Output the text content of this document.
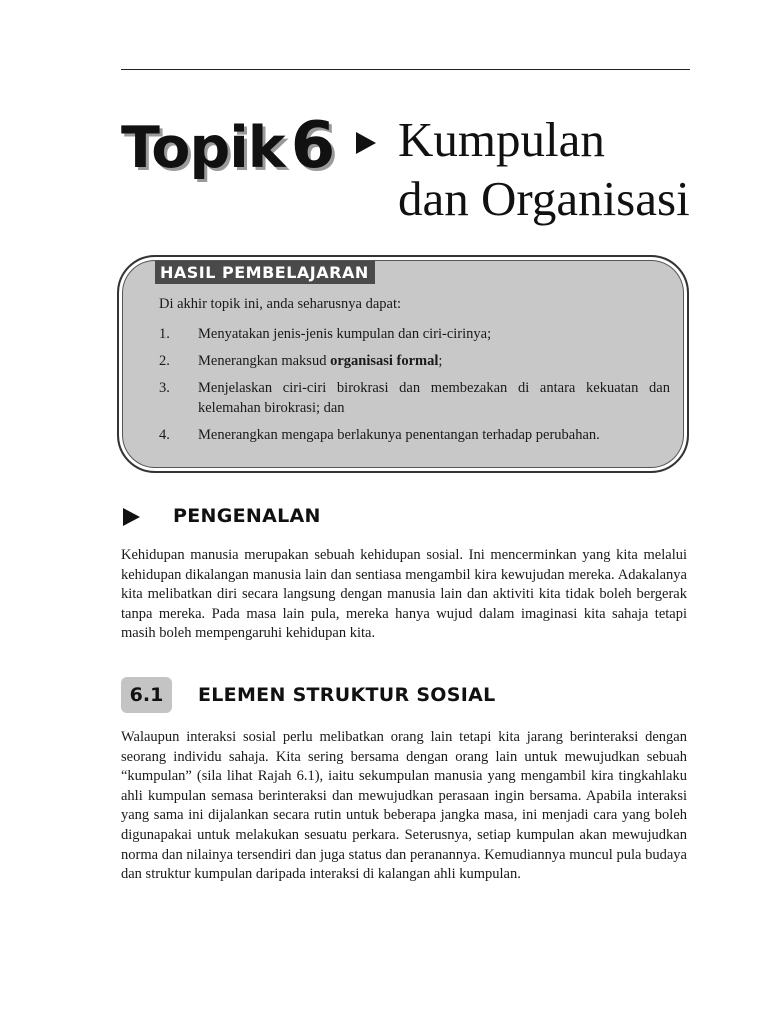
Topik6 Kumpulan
dan Organisasi
HASIL PEMBELAJARAN
Di akhir topik ini, anda seharusnya dapat:
1. Menyatakan jenis-jenis kumpulan dan ciri-cirinya;
2. Menerangkan maksud organisasi formal;
3. Menjelaskan ciri-ciri birokrasi dan membezakan di antara kekuatan dan kelemahan birokrasi; dan
4. Menerangkan mengapa berlakunya penentangan terhadap perubahan.
PENGENALAN
Kehidupan manusia merupakan sebuah kehidupan sosial. Ini mencerminkan yang kita melalui kehidupan dikalangan manusia lain dan sentiasa mengambil kira kewujudan mereka. Adakalanya kita melibatkan diri secara langsung dengan manusia lain dan aktiviti kita tidak boleh bergerak tanpa mereka. Pada masa lain pula, mereka hanya wujud dalam imaginasi kita sahaja tetapi masih boleh mempengaruhi kehidupan kita.
6.1	ELEMEN STRUKTUR SOSIAL
Walaupun interaksi sosial perlu melibatkan orang lain tetapi kita jarang berinteraksi dengan seorang individu sahaja. Kita sering bersama dengan orang lain untuk mewujudkan sebuah “kumpulan” (sila lihat Rajah 6.1), iaitu sekumpulan manusia yang mengambil kira tingkahlaku ahli kumpulan semasa berinteraksi dan mewujudkan perasaan ingin bersama. Apabila interaksi yang sama ini dijalankan secara rutin untuk beberapa jangka masa, ini menjadi cara yang boleh digunapakai untuk melakukan sesuatu perkara. Seterusnya, setiap kumpulan akan mewujudkan norma dan nilainya tersendiri dan juga status dan peranannya. Kemudiannya muncul pula budaya dan struktur kumpulan daripada interaksi di kalangan ahli kumpulan.
